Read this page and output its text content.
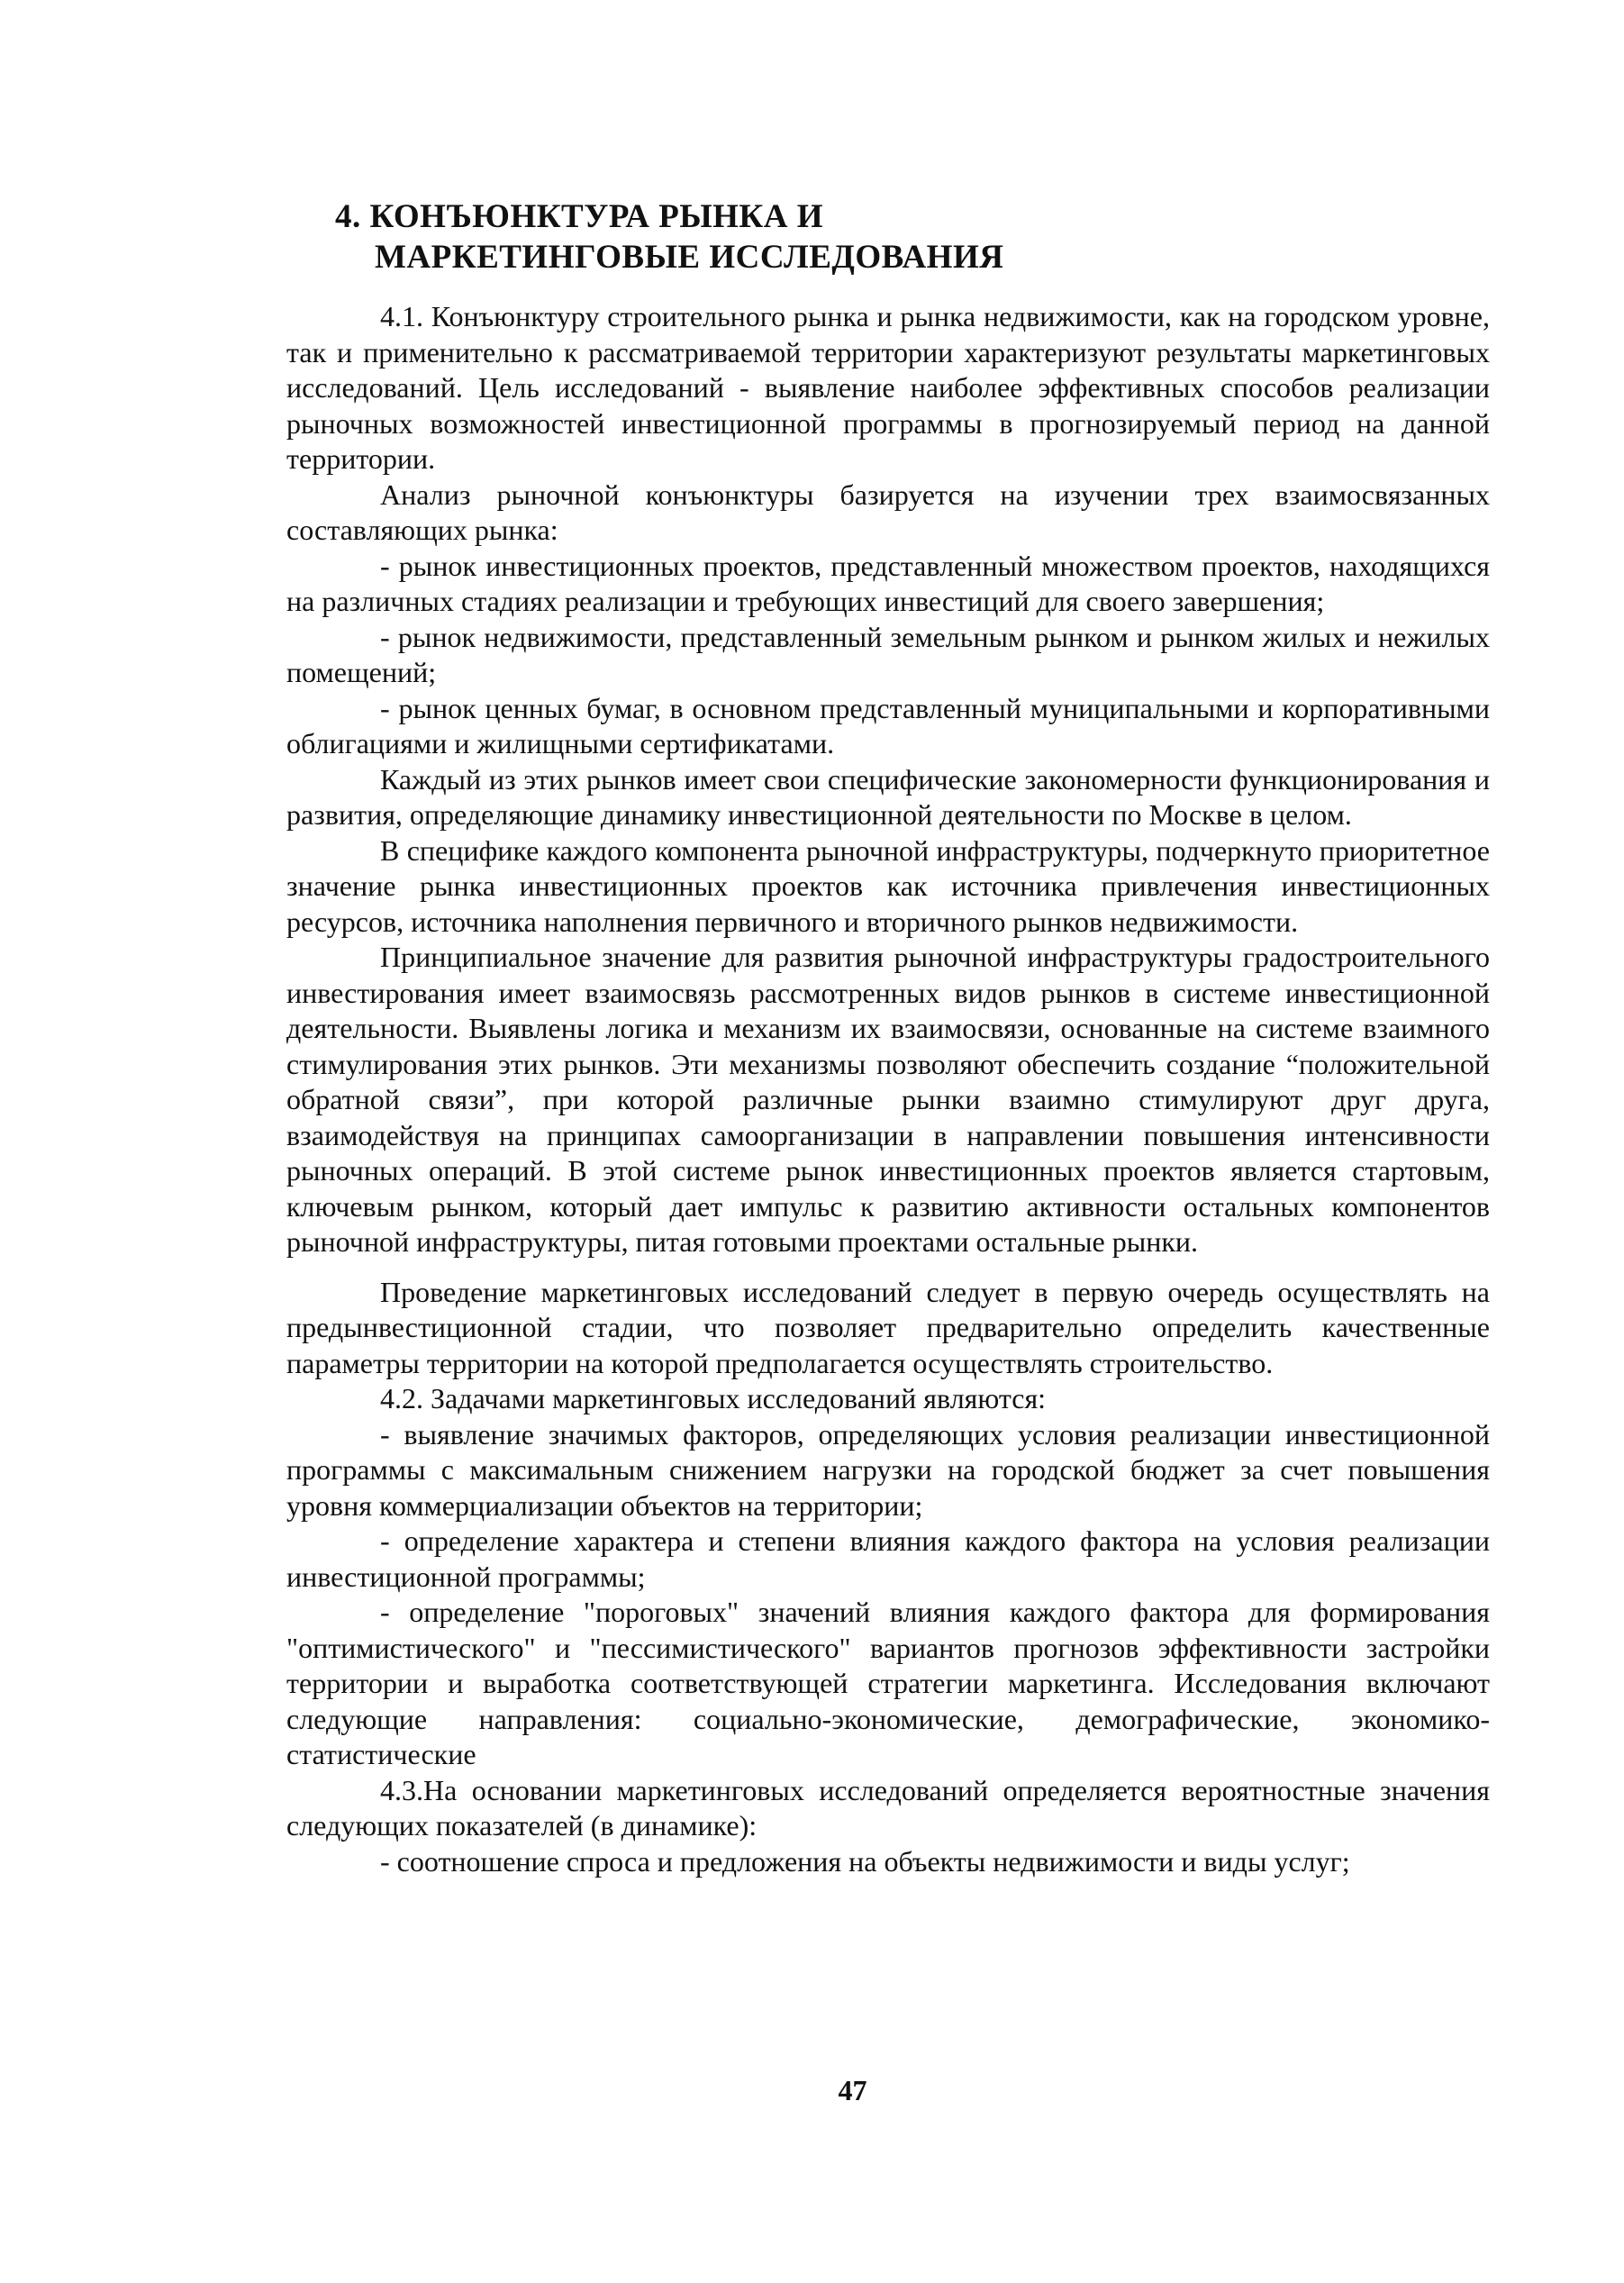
4. КОНЪЮНКТУРА РЫНКА И
МАРКЕТИНГОВЫЕ ИССЛЕДОВАНИЯ

4.1. Конъюнктуру строительного рынка и рынка недвижимости, как на городском уровне, так и применительно к рассматриваемой территории характеризуют результаты маркетинговых исследований. Цель исследований - выявление наиболее эффективных способов реализации рыночных возможностей инвестиционной программы в прогнозируемый период на данной территории.

Анализ рыночной конъюнктуры базируется на изучении трех взаимосвязанных составляющих рынка:

- рынок инвестиционных проектов, представленный множеством проектов, находящихся на различных стадиях реализации и требующих инвестиций для своего завершения;

- рынок недвижимости, представленный земельным рынком и рынком жилых и нежилых помещений;

- рынок ценных бумаг, в основном представленный муниципальными и корпоративными облигациями и жилищными сертификатами.

Каждый из этих рынков имеет свои специфические закономерности функционирования и развития, определяющие динамику инвестиционной деятельности по Москве в целом.

В специфике каждого компонента рыночной инфраструктуры, подчеркнуто приоритетное значение рынка инвестиционных проектов как источника привлечения инвестиционных ресурсов, источника наполнения первичного и вторичного рынков недвижимости.

Принципиальное значение для развития рыночной инфраструктуры градостроительного инвестирования имеет взаимосвязь рассмотренных видов рынков в системе инвестиционной деятельности. Выявлены логика и механизм их взаимосвязи, основанные на системе взаимного стимулирования этих рынков. Эти механизмы позволяют обеспечить создание “положительной обратной связи”, при которой различные рынки взаимно стимулируют друг друга, взаимодействуя на принципах самоорганизации в направлении повышения интенсивности рыночных операций. В этой системе рынок инвестиционных проектов является стартовым, ключевым рынком, который дает импульс к развитию активности остальных компонентов рыночной инфраструктуры, питая готовыми проектами остальные рынки.

Проведение маркетинговых исследований следует в первую очередь осуществлять на предынвестиционной стадии, что позволяет предварительно определить качественные параметры территории на которой предполагается осуществлять строительство.

4.2. Задачами маркетинговых исследований являются:

- выявление значимых факторов, определяющих условия реализации инвестиционной программы с максимальным снижением нагрузки на городской бюджет за счет повышения уровня коммерциализации объектов на территории;

- определение характера и степени влияния каждого фактора на условия реализации инвестиционной программы;

- определение "пороговых" значений влияния каждого фактора для формирования "оптимистического" и "пессимистического" вариантов прогнозов эффективности застройки территории и выработка соответствующей стратегии маркетинга. Исследования включают следующие направления: социально-экономические, демографические, экономико-статистические

4.3.На основании маркетинговых исследований определяется вероятностные значения следующих показателей (в динамике):

- соотношение спроса и предложения на объекты недвижимости и виды услуг;

47
